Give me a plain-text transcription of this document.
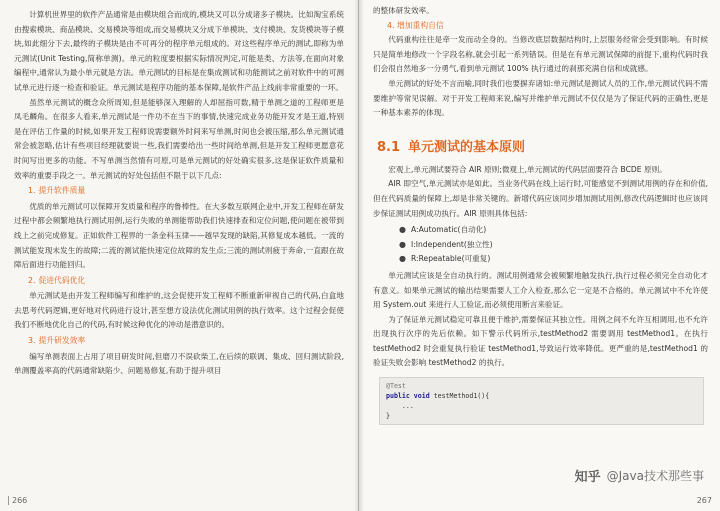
计算机世界里的软件产品通常是由模块组合而成的,模块又可以分成诸多子模块。比如淘宝系统由搜索模块、商品模块、交易模块等组成,而交易模块又分成下单模块、支付模块、发货模块等子模块,如此细分下去,最终的子模块是由不可再分的程序单元组成的。对这些程序单元的测试,即称为单元测试(Unit Testing,简称单测)。单元的粒度要根据实际情况判定,可能是类、方法等,在面向对象编程中,通常认为最小单元就是方法。单元测试的目标是在集成测试和功能测试之前对软件中的可测试单元进行逐一检查和验证。单元测试是程序功能的基本保障,是软件产品上线前非常重要的一环。

虽然单元测试的概念众所周知,但是能够深入理解的人却屈指可数,精于单测之道的工程师更是凤毛麟角。在很多人看来,单元测试是一件功不在当下的事情,快速完成业务功能开发才是王道,特别是在评估工作量的时候,如果开发工程师说需要额外时间来写单测,时间也会被压缩,那么单元测试通常会被忽略,估计有些项目经理就要说一些,我们需要给出一些时间给单测,但是开发工程师更愿意花时间写出更多的功能。不写单测当然情有可原,可是单元测试的好处确实很多,这是保证软件质量和效率的重要手段之一。单元测试的好处包括但不限于以下几点:

1. 提升软件质量

优质的单元测试可以保障开发质量和程序的鲁棒性。在大多数互联网企业中,开发工程师在研发过程中都会频繁地执行测试用例,运行失败的单测能帮助我们快速排查和定位问题,使问题在被带到线上之前完成修复。正如软件工程界的一条金科玉律——越早发现的缺陷,其修复成本越低。一流的测试能发现未发生的故障;二流的测试能快速定位故障的发生点;三流的测试则疲于奔命,一直跟在故障后面进行功能回归。

2. 促进代码优化

单元测试是由开发工程师编写和维护的,这会促使开发工程师不断重新审视自己的代码,白盒地去思考代码逻辑,更好地对代码进行设计,甚至想方设法优化测试用例的执行效率。这个过程会促使我们不断地优化自己的代码,有时候这种优化的冲动是潜意识的。

3. 提升研发效率

编写单测表面上占用了项目研发时间,但磨刀不误砍柴工,在后续的联调、集成、回归测试阶段,单测覆盖率高的代码通常缺陷少、问题易修复,有助于提升项目

266

的整体研发效率。

4. 增加重构自信

代码重构往往是牵一发而动全身的。当修改底层数据结构时,上层服务经常会受到影响。有时候只是简单地修改一个字段名称,就会引起一系列错误。但是在有单元测试保障的前提下,重构代码时我们会很自然地多一分勇气,看到单元测试 100% 执行通过的刹那充满自信和成就感。

单元测试的好处不言而喻,同时我们也要摒弃诸如:单元测试是测试人员的工作,单元测试代码不需要维护等常见误解。对于开发工程师来说,编写并维护单元测试不仅仅是为了保证代码的正确性,更是一种基本素养的体现。

8.1 单元测试的基本原则

宏观上,单元测试要符合 AIR 原则;微观上,单元测试的代码层面要符合 BCDE 原则。

AIR 即空气,单元测试亦是如此。当业务代码在线上运行时,可能感觉不到测试用例的存在和价值,但在代码质量的保障上,却是非常关键的。新增代码应该同步增加测试用例,修改代码逻辑时也应该同步保证测试用例成功执行。AIR 原则具体包括:

● A:Automatic(自动化)
● I:Independent(独立性)
● R:Repeatable(可重复)

单元测试应该是全自动执行的。测试用例通常会被频繁地触发执行,执行过程必须完全自动化才有意义。如果单元测试的输出结果需要人工介入检查,那么它一定是不合格的。单元测试中不允许使用 System.out 来进行人工验证,而必须使用断言来验证。

为了保证单元测试稳定可靠且便于维护,需要保证其独立性。用例之间不允许互相调用,也不允许出现执行次序的先后依赖。如下警示代码所示,testMethod2 需要调用 testMethod1。在执行 testMethod2 时会重复执行验证 testMethod1,导致运行效率降低。更严重的是,testMethod1 的验证失败会影响 testMethod2 的执行。

@Test
public void testMethod1(){
...
}
知乎 @Java技术那些事
267
